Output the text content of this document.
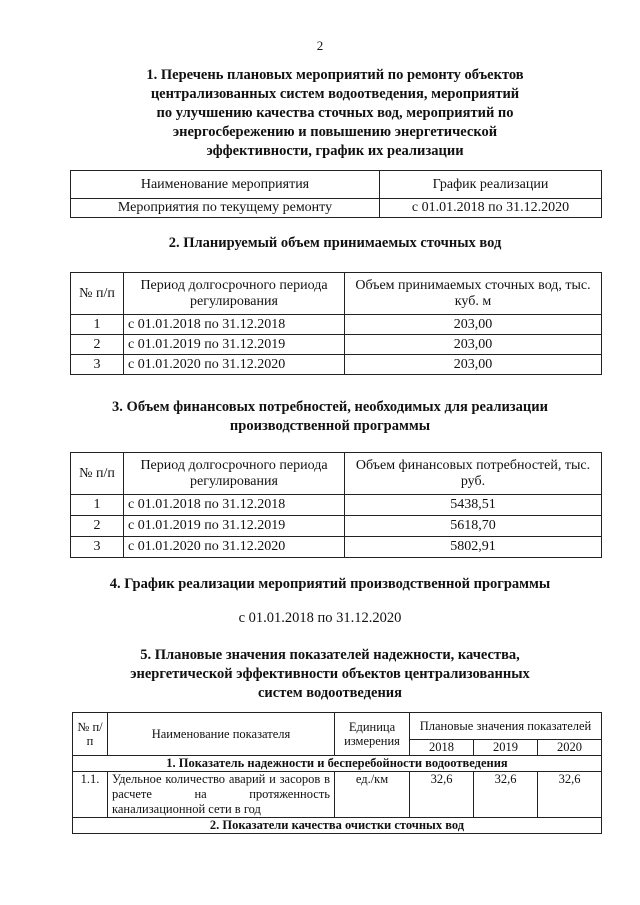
2
1. Перечень плановых мероприятий по ремонту объектов
централизованных систем водоотведения, мероприятий
по улучшению качества сточных вод, мероприятий по
энергосбережению и повышению энергетической
эффективности, график их реализации
Наименование мероприятия	График реализации
Мероприятия по текущему ремонту	с 01.01.2018 по 31.12.2020
2. Планируемый объем принимаемых сточных вод
№ п/п	Период долгосрочного периода регулирования	Объем принимаемых сточных вод, тыс. куб. м
1	с 01.01.2018 по 31.12.2018	203,00
2	с 01.01.2019 по 31.12.2019	203,00
3	с 01.01.2020 по 31.12.2020	203,00
3. Объем финансовых потребностей, необходимых для реализации
производственной программы
№ п/п	Период долгосрочного периода регулирования	Объем финансовых потребностей, тыс. руб.
1	с 01.01.2018 по 31.12.2018	5438,51
2	с 01.01.2019 по 31.12.2019	5618,70
3	с 01.01.2020 по 31.12.2020	5802,91
4. График реализации мероприятий производственной программы
с 01.01.2018 по 31.12.2020
5. Плановые значения показателей надежности, качества,
энергетической эффективности объектов централизованных
систем водоотведения
№ п/п	Наименование показателя	Единица измерения	Плановые значения показателей		
			2018	2019	2020
1. Показатель надежности и бесперебойности водоотведения					
1.1.	Удельное количество аварий и засоров в расчете на протяженность канализационной сети в год	ед./км	32,6	32,6	32,6
2. Показатели качества очистки сточных вод					
